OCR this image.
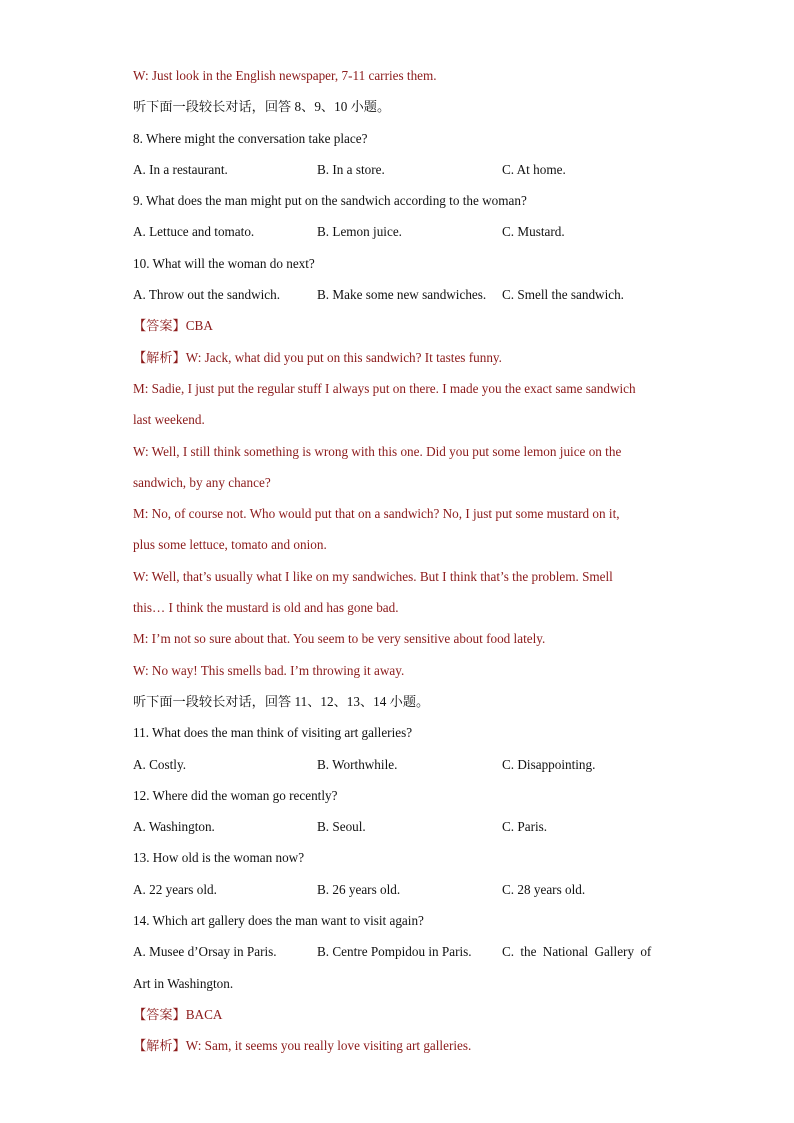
W: Just look in the English newspaper, 7-11 carries them.
听下面一段较长对话，回答 8、9、10 小题。
8. Where might the conversation take place?
A. In a restaurant.	B. In a store.	C. At home.
9. What does the man might put on the sandwich according to the woman?
A. Lettuce and tomato.	B. Lemon juice.	C. Mustard.
10. What will the woman do next?
A. Throw out the sandwich.	B. Make some new sandwiches.	C. Smell the sandwich.
【答案】 CBA
【解析】 W: Jack, what did you put on this sandwich? It tastes funny.
M: Sadie, I just put the regular stuff I always put on there. I made you the exact same sandwich
last weekend.
W: Well, I still think something is wrong with this one. Did you put some lemon juice on the
sandwich, by any chance?
M: No, of course not. Who would put that on a sandwich? No, I just put some mustard on it,
plus some lettuce, tomato and onion.
W: Well, that’s usually what I like on my sandwiches. But I think that’s the problem. Smell
this… I think the mustard is old and has gone bad.
M: I’m not so sure about that. You seem to be very sensitive about food lately.
W: No way! This smells bad. I’m throwing it away.
听下面一段较长对话，回答 11、12、13、14 小题。
11. What does the man think of visiting art galleries?
A. Costly.	B. Worthwhile.	C. Disappointing.
12. Where did the woman go recently?
A. Washington.	B. Seoul.	C. Paris.
13. How old is the woman now?
A. 22 years old.	B. 26 years old.	C. 28 years old.
14. Which art gallery does the man want to visit again?
A. Musee d’Orsay in Paris.	B. Centre Pompidou in Paris.	C. the National Gallery of
Art in Washington.
【答案】 BACA
【解析】 W: Sam, it seems you really love visiting art galleries.
